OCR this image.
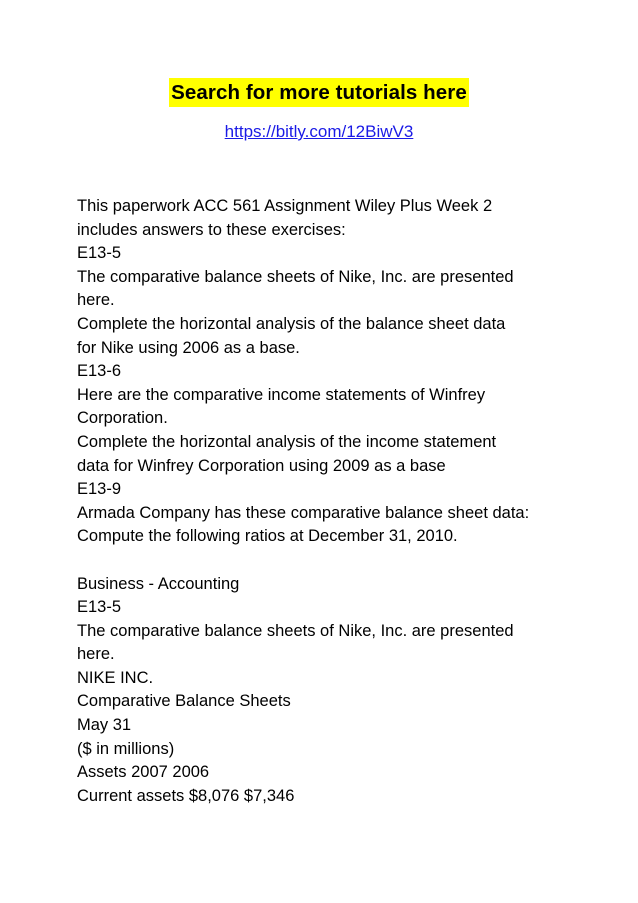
Search for more tutorials here
https://bitly.com/12BiwV3
This paperwork ACC 561 Assignment Wiley Plus Week 2
includes answers to these exercises:
E13-5
The comparative balance sheets of Nike, Inc. are presented
here.
Complete the horizontal analysis of the balance sheet data
for Nike using 2006 as a base.
E13-6
Here are the comparative income statements of Winfrey
Corporation.
Complete the horizontal analysis of the income statement
data for Winfrey Corporation using 2009 as a base
E13-9
Armada Company has these comparative balance sheet data:
Compute the following ratios at December 31, 2010.
Business - Accounting
E13-5
The comparative balance sheets of Nike, Inc. are presented
here.
NIKE INC.
Comparative Balance Sheets
May 31
($ in millions)
Assets 2007 2006
Current assets $8,076 $7,346
